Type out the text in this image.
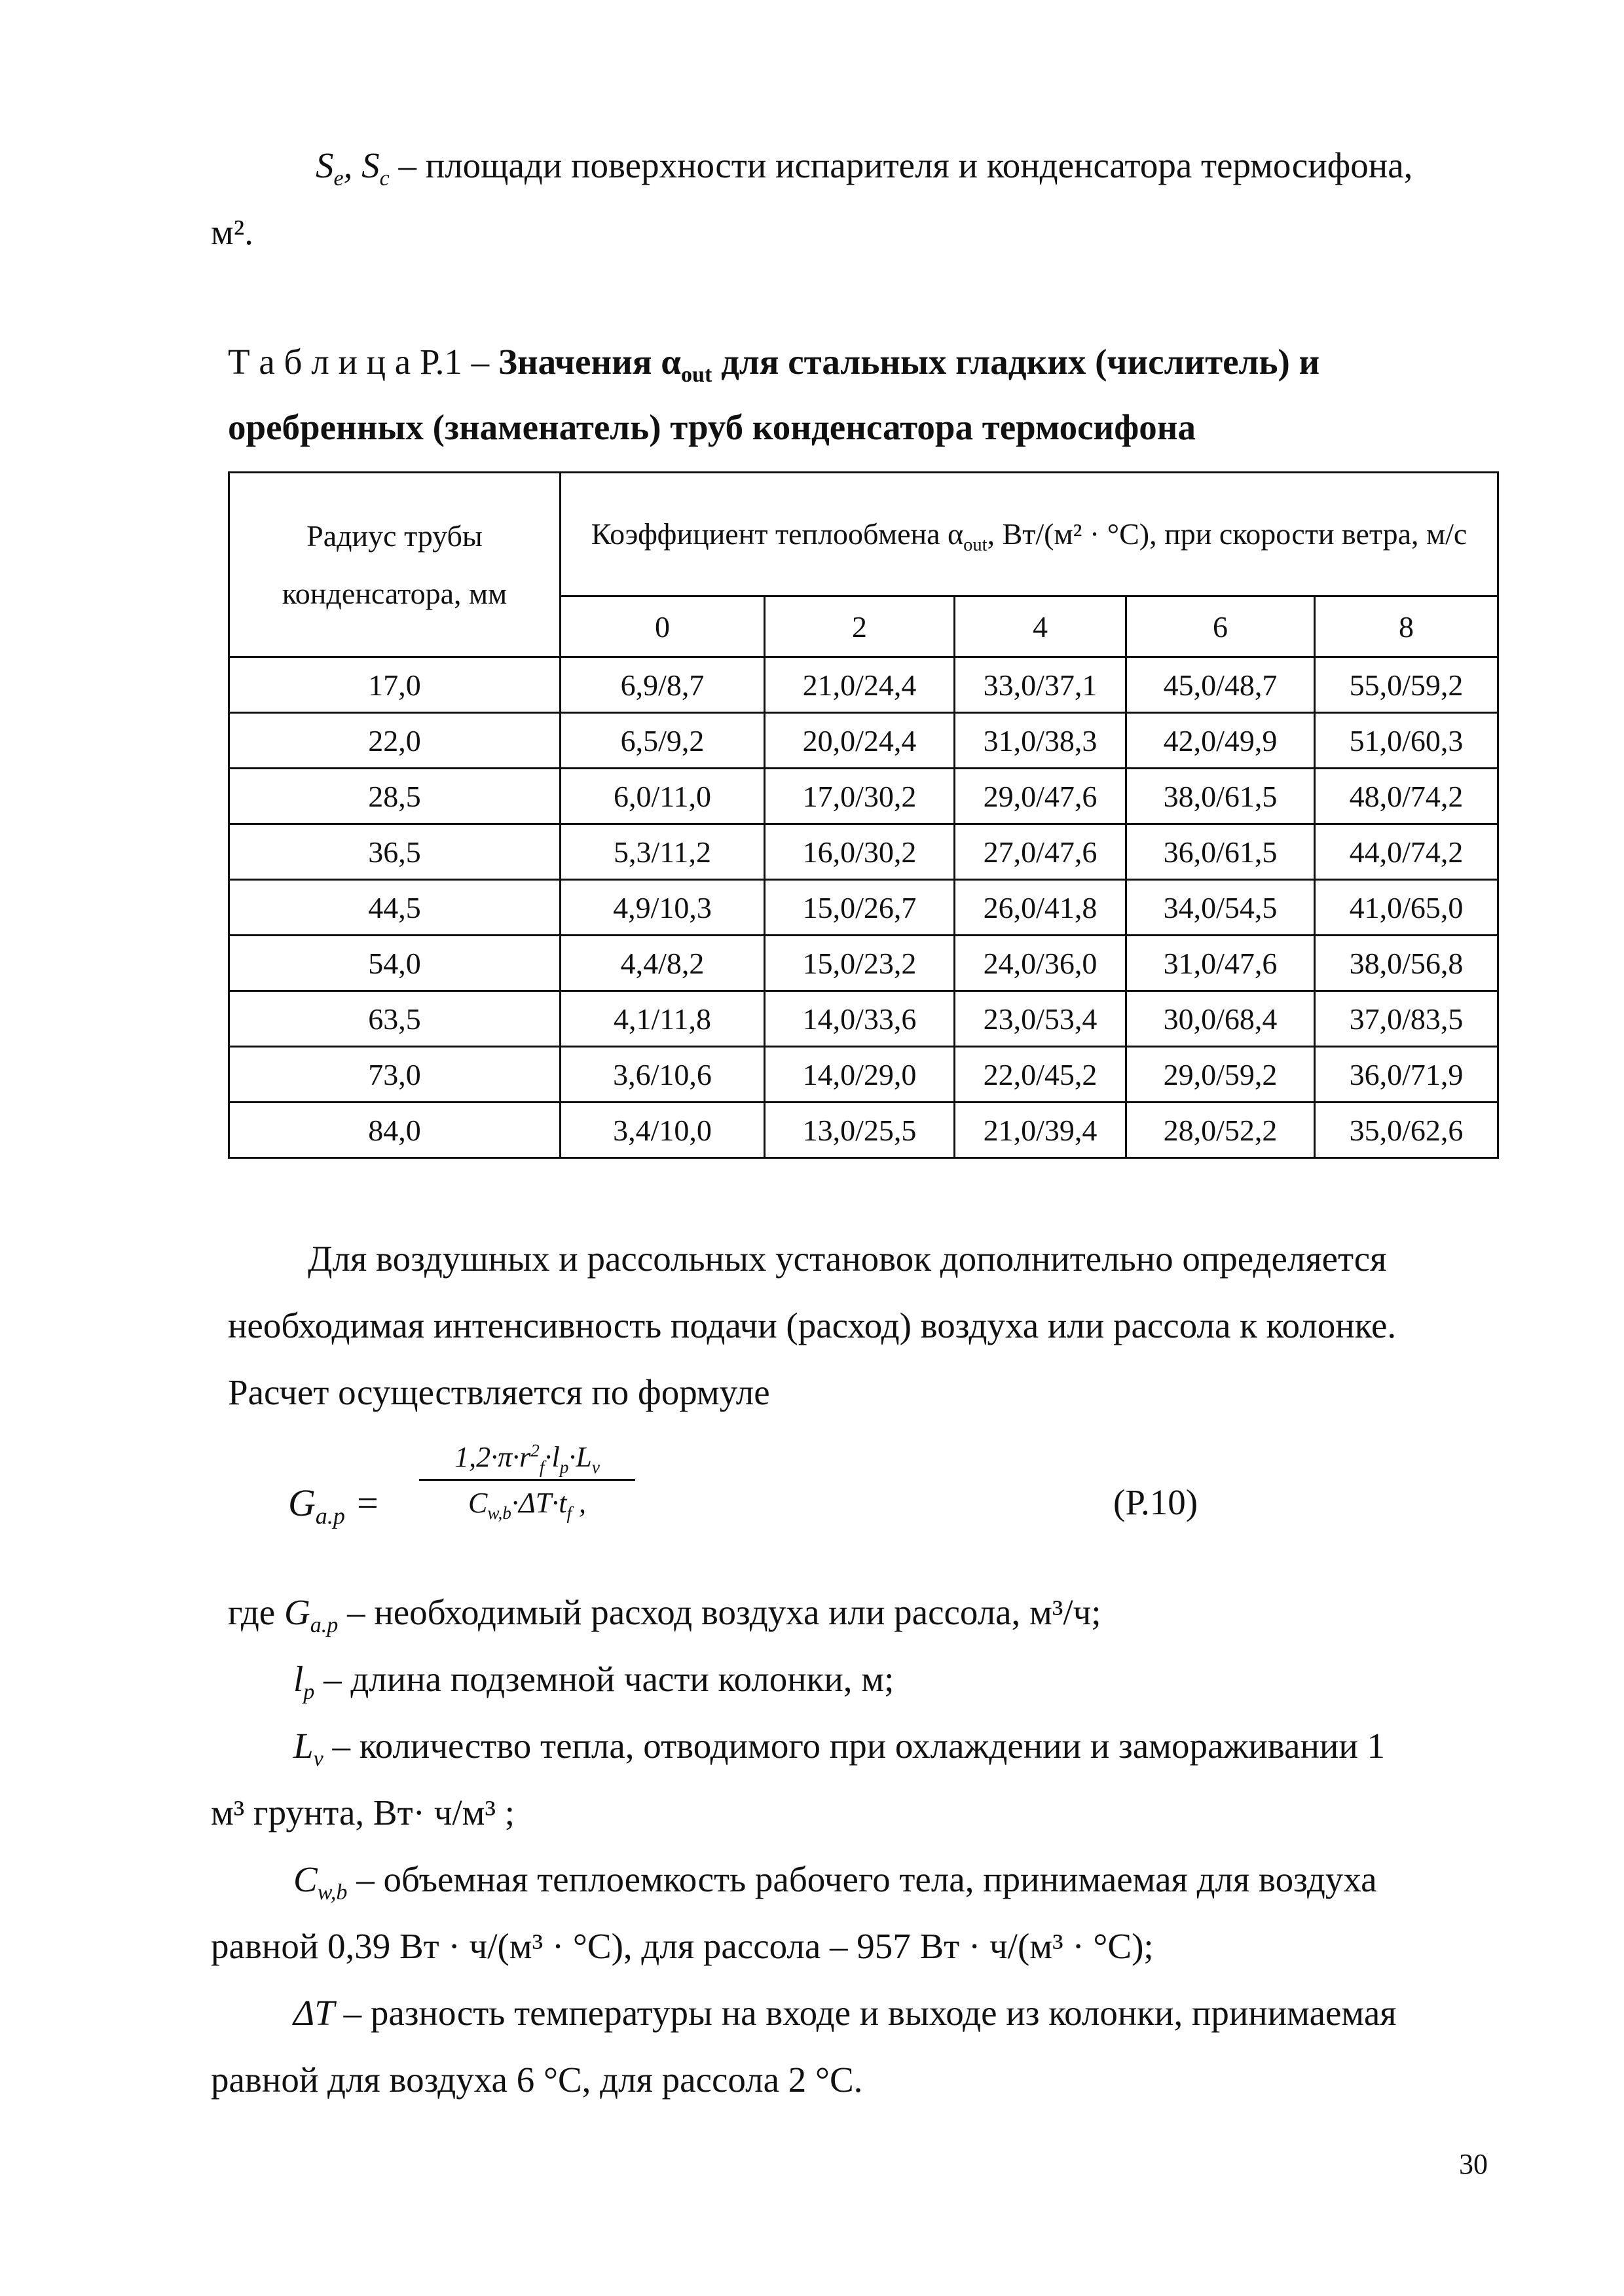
$S_e$, $S_c$ – площади поверхности испарителя и конденсатора термосифона,
м².
Т а б л и ц а Р.1 – Значения $\alpha_{out}$ для стальных гладких (числитель) и
оребренных (знаменатель) труб конденсатора термосифона
Радиус трубы конденсатора, мм	Коэффициент теплообмена $\alpha_{out}$, Вт/(м² · °С), при скорости ветра, м/с				
	0	2	4	6	8
17,0	6,9/8,7	21,0/24,4	33,0/37,1	45,0/48,7	55,0/59,2
22,0	6,5/9,2	20,0/24,4	31,0/38,3	42,0/49,9	51,0/60,3
28,5	6,0/11,0	17,0/30,2	29,0/47,6	38,0/61,5	48,0/74,2
36,5	5,3/11,2	16,0/30,2	27,0/47,6	36,0/61,5	44,0/74,2
44,5	4,9/10,3	15,0/26,7	26,0/41,8	34,0/54,5	41,0/65,0
54,0	4,4/8,2	15,0/23,2	24,0/36,0	31,0/47,6	38,0/56,8
63,5	4,1/11,8	14,0/33,6	23,0/53,4	30,0/68,4	37,0/83,5
73,0	3,6/10,6	14,0/29,0	22,0/45,2	29,0/59,2	36,0/71,9
84,0	3,4/10,0	13,0/25,5	21,0/39,4	28,0/52,2	35,0/62,6
Для воздушных и рассольных установок дополнительно определяется
необходимая интенсивность подачи (расход) воздуха или рассола к колонке.
Расчет осуществляется по формуле
$G_{a.p}$ =
$1,2\cdot\pi\cdot r^2_f\cdot l_p\cdot L_v$
$C_{w,b}\cdot\Delta T\cdot t_f$ ,	(Р.10)
где $G_{a.p}$ – необходимый расход воздуха или рассола, м³/ч;
$l_p$ – длина подземной части колонки, м;
$L_v$ – количество тепла, отводимого при охлаждении и замораживании 1
м³ грунта, Вт· ч/м³ ;
$C_{w,b}$ – объемная теплоемкость рабочего тела, принимаемая для воздуха
равной 0,39 Вт · ч/(м³ · °С), для рассола – 957 Вт · ч/(м³ · °С);
ΔT – разность температуры на входе и выходе из колонки, принимаемая
равной для воздуха 6 °С, для рассола 2 °С.
30
